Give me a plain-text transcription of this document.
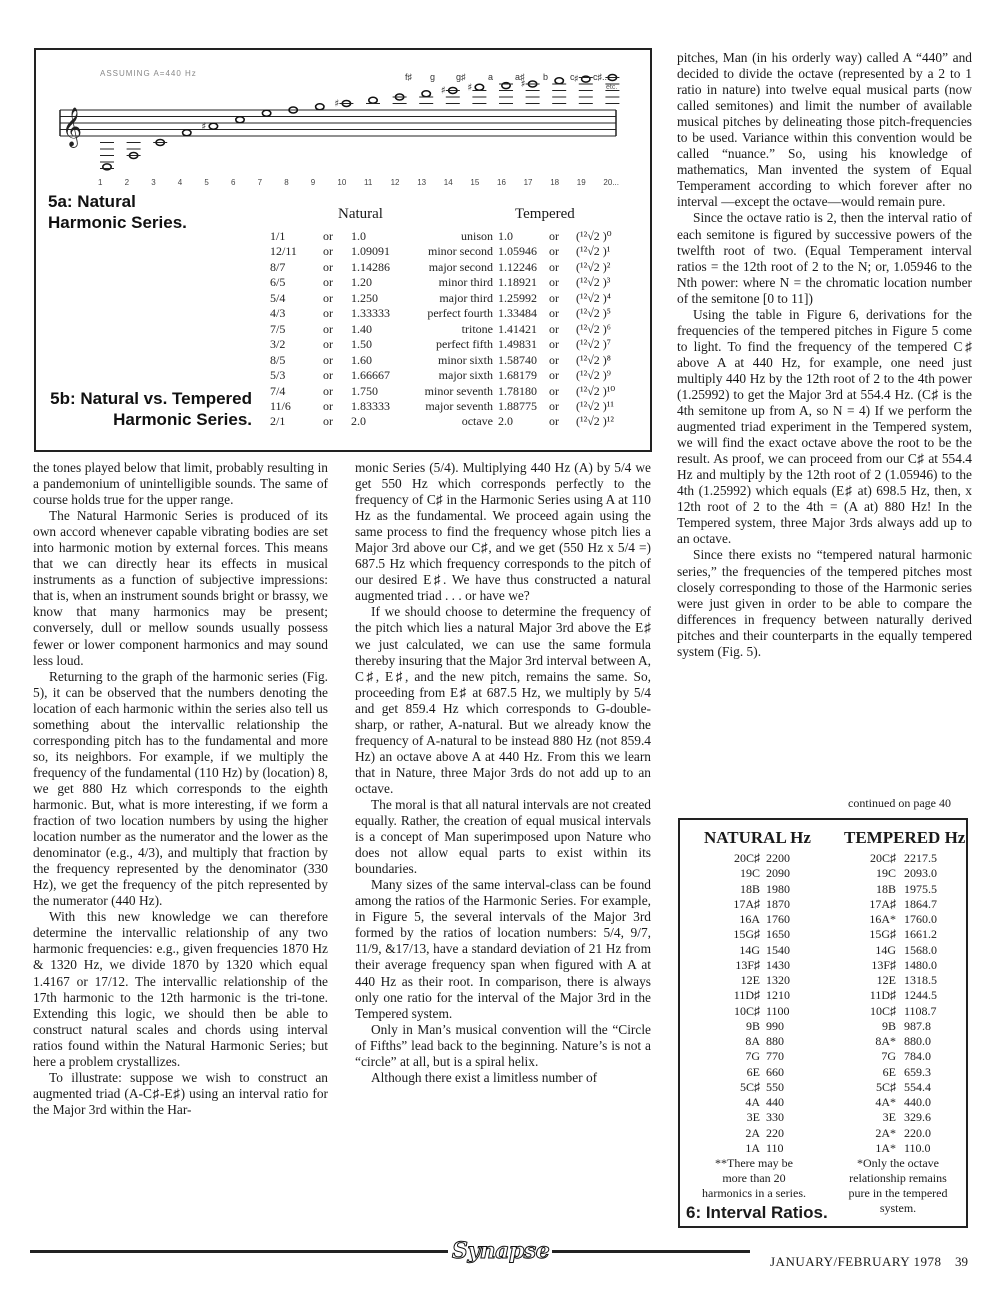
ASSUMING A=440 Hz	f♯ g g♯ a a♯ b c c♯...
etc.
𝄞	♯
♯
♯ ♯	♯	♯
1	2	3	4	5	6	7	8	9	10 11 12 13 14 15 16 17 18 19 20...
5a: Natural
Harmonic Series.
5b: Natural vs. Tempered
Harmonic Series.
Natural	Tempered
1/1	or 1.0	unison 1.0	or (¹²√2 )⁰
12/11 or 1.09091	minor second 1.05946 or (¹²√2 )¹
8/7	or 1.14286	major second 1.12246 or (¹²√2 )²
6/5	or 1.20	minor third 1.18921 or (¹²√2 )³
5/4	or 1.250	major third 1.25992 or (¹²√2 )⁴
4/3	or 1.33333	perfect fourth 1.33484 or (¹²√2 )⁵
7/5	or 1.40	tritone 1.41421 or (¹²√2 )⁶
3/2	or 1.50	perfect fifth 1.49831 or (¹²√2 )⁷
8/5	or 1.60	minor sixth 1.58740 or (¹²√2 )⁸
5/3	or 1.66667	major sixth 1.68179 or (¹²√2 )⁹
7/4	or 1.750	minor seventh 1.78180 or (¹²√2 )¹⁰
11/6	or 1.83333	major seventh 1.88775 or (¹²√2 )¹¹
2/1	or 2.0	octave 2.0	or (¹²√2 )¹²

the tones played below that limit, probably resulting in a pandemonium of unintelligible sounds. The same of course holds true for the upper range.

The Natural Harmonic Series is produced of its own accord whenever capable vibrating bodies are set into harmonic motion by external forces. This means that we can directly hear its effects in musical instruments as a function of subjective impressions: that is, when an instrument sounds bright or brassy, we know that many harmonics may be present; conversely, dull or mellow sounds usually possess fewer or lower component harmonics and may sound less loud.

Returning to the graph of the harmonic series (Fig. 5), it can be observed that the numbers denoting the location of each harmonic within the series also tell us something about the intervallic relationship the corresponding pitch has to the fundamental and more so, its neighbors. For example, if we multiply the frequency of the fundamental (110 Hz) by (location) 8, we get 880 Hz which corresponds to the eighth harmonic. But, what is more interesting, if we form a fraction of two location numbers by using the higher location number as the numerator and the lower as the denominator (e.g., 4/3), and multiply that fraction by the frequency represented by the denominator (330 Hz), we get the frequency of the pitch represented by the numerator (440 Hz).

With this new knowledge we can therefore determine the intervallic relationship of any two harmonic frequencies: e.g., given frequencies 1870 Hz & 1320 Hz, we divide 1870 by 1320 which equal 1.4167 or 17/12. The intervallic relationship of the 17th harmonic to the 12th harmonic is the tri-tone. Extending this logic, we should then be able to construct natural scales and chords using interval ratios found within the Natural Harmonic Series; but here a problem crystallizes.

To illustrate: suppose we wish to construct an augmented triad (A-C♯-E♯) using an interval ratio for the Major 3rd within the Har-

monic Series (5/4). Multiplying 440 Hz (A) by 5/4 we get 550 Hz which corresponds perfectly to the frequency of C♯ in the Harmonic Series using A at 110 Hz as the fundamental. We proceed again using the same process to find the frequency whose pitch lies a Major 3rd above our C♯, and we get (550 Hz x 5/4 =) 687.5 Hz which frequency corresponds to the pitch of our desired E♯. We have thus constructed a natural augmented triad . . . or have we?

If we should choose to determine the frequency of the pitch which lies a natural Major 3rd above the E♯ we just calculated, we can use the same formula thereby insuring that the Major 3rd interval between A, C♯, E♯, and the new pitch, remains the same. So, proceeding from E♯ at 687.5 Hz, we multiply by 5/4 and get 859.4 Hz which corresponds to G-double-sharp, or rather, A-natural. But we already know the frequency of A-natural to be instead 880 Hz (not 859.4 Hz) an octave above A at 440 Hz. From this we learn that in Nature, three Major 3rds do not add up to an octave.

The moral is that all natural intervals are not created equally. Rather, the creation of equal musical intervals is a concept of Man superimposed upon Nature who does not allow equal parts to exist within its boundaries.

Many sizes of the same interval-class can be found among the ratios of the Harmonic Series. For example, in Figure 5, the several intervals of the Major 3rd formed by the ratios of location numbers: 5/4, 9/7, 11/9, &17/13, have a standard deviation of 21 Hz from their average frequency span when figured with A at 440 Hz as their root. In comparison, there is always only one ratio for the interval of the Major 3rd in the Tempered system.

Only in Man’s musical convention will the “Circle of Fifths” lead back to the beginning. Nature’s is not a “circle” at all, but is a spiral helix.

Although there exist a limitless number of

pitches, Man (in his orderly way) called A “440” and decided to divide the octave (represented by a 2 to 1 ratio in nature) into twelve equal musical parts (now called semitones) and limit the number of available musical pitches by delineating those pitch-frequencies to be used. Variance within this convention would be called “nuance.” So, using his knowledge of mathematics, Man invented the system of Equal Temperament according to which forever after no interval —except the octave—would remain pure.

Since the octave ratio is 2, then the interval ratio of each semitone is figured by successive powers of the twelfth root of two. (Equal Temperament interval ratios = the 12th root of 2 to the N; or, 1.05946 to the Nth power: where N = the chromatic location number of the semitone [0 to 11])

Using the table in Figure 6, derivations for the frequencies of the tempered pitches in Figure 5 come to light. To find the frequency of the tempered C♯ above A at 440 Hz, for example, one need just multiply 440 Hz by the 12th root of 2 to the 4th power (1.25992) to get the Major 3rd at 554.4 Hz. (C♯ is the 4th semitone up from A, so N = 4) If we perform the augmented triad experiment in the Tempered system, we will find the exact octave above the root to be the result. As proof, we can proceed from our C♯ at 554.4 Hz and multiply by the 12th root of 2 (1.05946) to the 4th (1.25992) which equals (E♯ at) 698.5 Hz, then, x 12th root of 2 to the 4th = (A at) 880 Hz! In the Tempered system, three Major 3rds always add up to an octave.

Since there exists no “tempered natural harmonic series,” the frequencies of the tempered pitches most closely corresponding to those of the Harmonic series were just given in order to be able to compare the differences in frequency between naturally derived pitches and their counterparts in the equally tempered system (Fig. 5).

continued on page 40
NATURAL Hz TEMPERED Hz
20C♯ 2200	20C♯ 2217.5
19C 2090	19C 2093.0
18B 1980	18B 1975.5
17A♯ 1870	17A♯ 1864.7
16A 1760	16A* 1760.0
15G♯ 1650	15G♯ 1661.2
14G 1540	14G 1568.0
13F♯ 1430	13F♯ 1480.0
12E 1320	12E 1318.5
11D♯ 1210	11D♯ 1244.5
10C♯ 1100	10C♯ 1108.7
9B 990	9B 987.8
8A 880	8A* 880.0
7G 770	7G 784.0
6E 660	6E 659.3
5C♯ 550	5C♯ 554.4
4A 440	4A* 440.0
3E 330	3E 329.6
2A 220	2A* 220.0
1A 110	1A* 110.0
**There may be
more than 20
harmonics in a series.
*Only the octave
relationship remains
pure in the tempered
system.
6: Interval Ratios.
Synapse	JANUARY/FEBRUARY 1978 39
